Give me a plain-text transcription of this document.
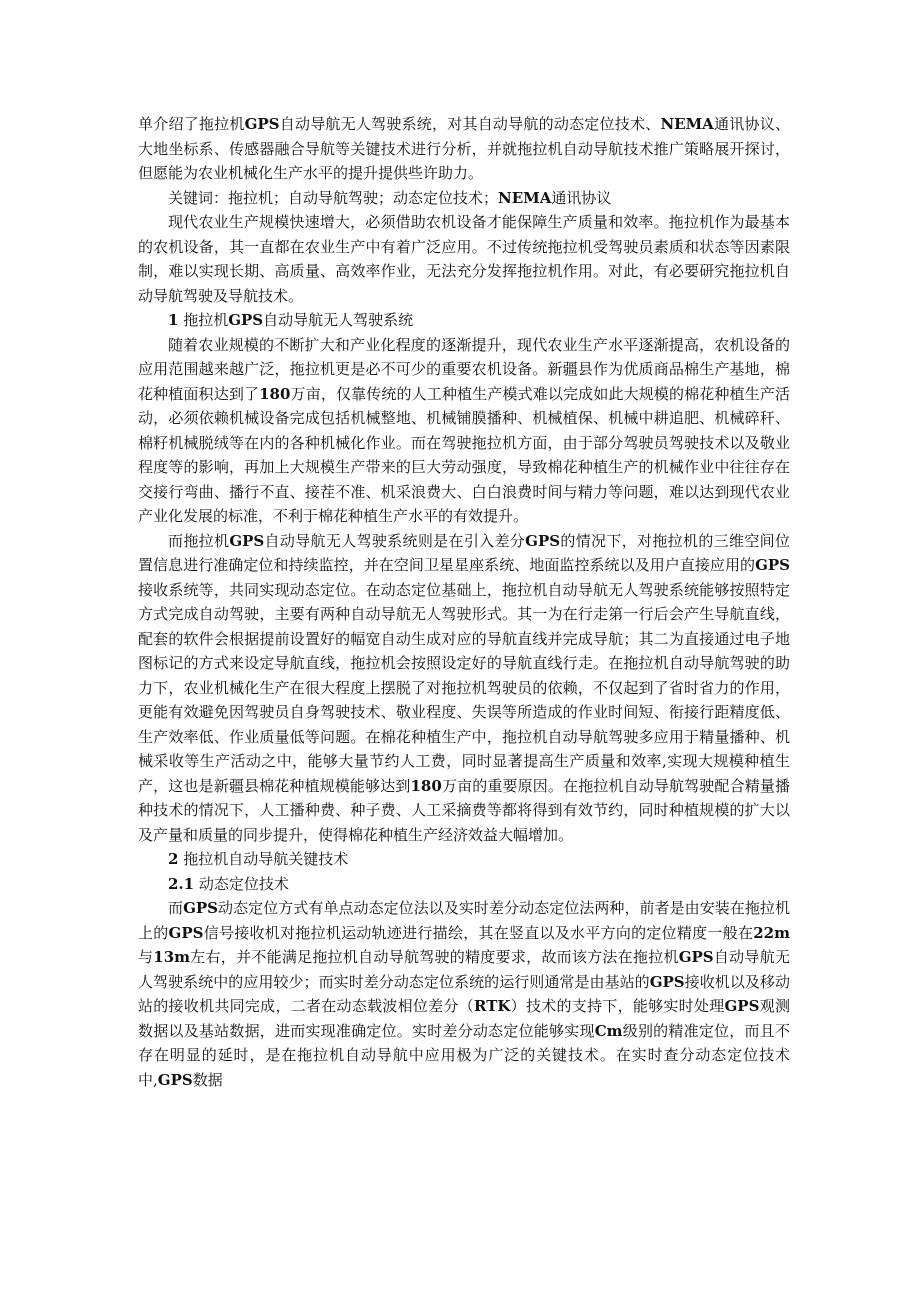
单介绍了拖拉机GPS自动导航无人驾驶系统，对其自动导航的动态定位技术、NEMA通讯协议、大地坐标系、传感器融合导航等关键技术进行分析，并就拖拉机自动导航技术推广策略展开探讨，但愿能为农业机械化生产水平的提升提供些许助力。

关键词：拖拉机；自动导航驾驶；动态定位技术；NEMA通讯协议

现代农业生产规模快速增大，必须借助农机设备才能保障生产质量和效率。拖拉机作为最基本的农机设备，其一直都在农业生产中有着广泛应用。不过传统拖拉机受驾驶员素质和状态等因素限制，难以实现长期、高质量、高效率作业，无法充分发挥拖拉机作用。对此，有必要研究拖拉机自动导航驾驶及导航技术。

1 拖拉机GPS自动导航无人驾驶系统

随着农业规模的不断扩大和产业化程度的逐渐提升，现代农业生产水平逐渐提高，农机设备的应用范围越来越广泛，拖拉机更是必不可少的重要农机设备。新疆县作为优质商品棉生产基地，棉花种植面积达到了180万亩，仅靠传统的人工种植生产模式难以完成如此大规模的棉花种植生产活动，必须依赖机械设备完成包括机械整地、机械铺膜播种、机械植保、机械中耕追肥、机械碎秆、棉籽机械脱绒等在内的各种机械化作业。而在驾驶拖拉机方面，由于部分驾驶员驾驶技术以及敬业程度等的影响，再加上大规模生产带来的巨大劳动强度，导致棉花种植生产的机械作业中往往存在交接行弯曲、播行不直、接茬不准、机采浪费大、白白浪费时间与精力等问题，难以达到现代农业产业化发展的标准，不利于棉花种植生产水平的有效提升。

而拖拉机GPS自动导航无人驾驶系统则是在引入差分GPS的情况下，对拖拉机的三维空间位置信息进行准确定位和持续监控，并在空间卫星星座系统、地面监控系统以及用户直接应用的GPS接收系统等，共同实现动态定位。在动态定位基础上，拖拉机自动导航无人驾驶系统能够按照特定方式完成自动驾驶，主要有两种自动导航无人驾驶形式。其一为在行走第一行后会产生导航直线，配套的软件会根据提前设置好的幅宽自动生成对应的导航直线并完成导航；其二为直接通过电子地图标记的方式来设定导航直线，拖拉机会按照设定好的导航直线行走。在拖拉机自动导航驾驶的助力下，农业机械化生产在很大程度上摆脱了对拖拉机驾驶员的依赖，不仅起到了省时省力的作用，更能有效避免因驾驶员自身驾驶技术、敬业程度、失误等所造成的作业时间短、衔接行距精度低、生产效率低、作业质量低等问题。在棉花种植生产中，拖拉机自动导航驾驶多应用于精量播种、机械采收等生产活动之中，能够大量节约人工费，同时显著提高生产质量和效率,实现大规模种植生产，这也是新疆县棉花种植规模能够达到180万亩的重要原因。在拖拉机自动导航驾驶配合精量播种技术的情况下，人工播种费、种子费、人工采摘费等都将得到有效节约，同时种植规模的扩大以及产量和质量的同步提升，使得棉花种植生产经济效益大幅增加。

2 拖拉机自动导航关键技术

2.1 动态定位技术

而GPS动态定位方式有单点动态定位法以及实时差分动态定位法两种，前者是由安装在拖拉机上的GPS信号接收机对拖拉机运动轨迹进行描绘，其在竖直以及水平方向的定位精度一般在22m与13m左右，并不能满足拖拉机自动导航驾驶的精度要求，故而该方法在拖拉机GPS自动导航无人驾驶系统中的应用较少；而实时差分动态定位系统的运行则通常是由基站的GPS接收机以及移动站的接收机共同完成，二者在动态载波相位差分（RTK）技术的支持下，能够实时处理GPS观测数据以及基站数据，进而实现准确定位。实时差分动态定位能够实现Cm级别的精准定位，而且不存在明显的延时，是在拖拉机自动导航中应用极为广泛的关键技术。在实时查分动态定位技术中,GPS数据
